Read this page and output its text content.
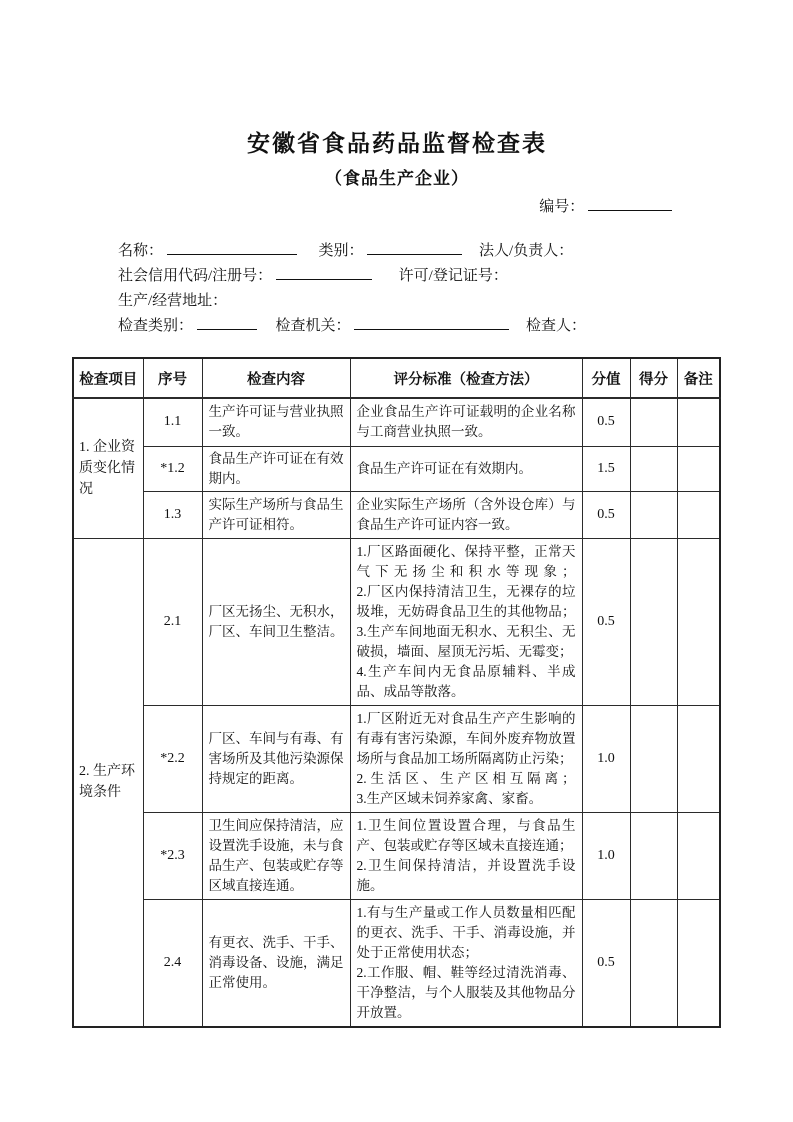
安徽省食品药品监督检查表
（食品生产企业）
编号：
名称：	类别：	法人/负责人：
社会信用代码/注册号：	许可/登记证号：
生产/经营地址：
检查类别：	检查机关：	检查人：
检查项目	序号	检查内容	评分标准（检查方法）	分值	得分	备注
1. 企业资质变化情况	1.1	生产许可证与营业执照一致。	企业食品生产许可证载明的企业名称与工商营业执照一致。	0.5		
	*1.2	食品生产许可证在有效期内。	食品生产许可证在有效期内。	1.5		
	1.3	实际生产场所与食品生产许可证相符。	企业实际生产场所（含外设仓库）与食品生产许可证内容一致。	0.5		
2. 生产环境条件	2.1	厂区无扬尘、无积水，厂区、车间卫生整洁。	1.厂区路面硬化、保持平整，正常天气下无扬尘和积水等现象；
2.厂区内保持清洁卫生，无裸存的垃圾堆，无妨碍食品卫生的其他物品；
3.生产车间地面无积水、无积尘、无破损，墙面、屋顶无污垢、无霉变；
4.生产车间内无食品原辅料、半成品、成品等散落。	0.5		
	*2.2	厂区、车间与有毒、有害场所及其他污染源保持规定的距离。	1.厂区附近无对食品生产产生影响的有毒有害污染源，车间外废弃物放置场所与食品加工场所隔离防止污染；
2.生活区、生产区相互隔离；
3.生产区域未饲养家禽、家畜。	1.0		
	*2.3	卫生间应保持清洁，应设置洗手设施，未与食品生产、包装或贮存等区域直接连通。	1.卫生间位置设置合理，与食品生产、包装或贮存等区域未直接连通；
2.卫生间保持清洁，并设置洗手设施。	1.0		
	2.4	有更衣、洗手、干手、消毒设备、设施，满足正常使用。	1.有与生产量或工作人员数量相匹配的更衣、洗手、干手、消毒设施，并处于正常使用状态；
2.工作服、帽、鞋等经过清洗消毒、干净整洁，与个人服装及其他物品分开放置。	0.5		
